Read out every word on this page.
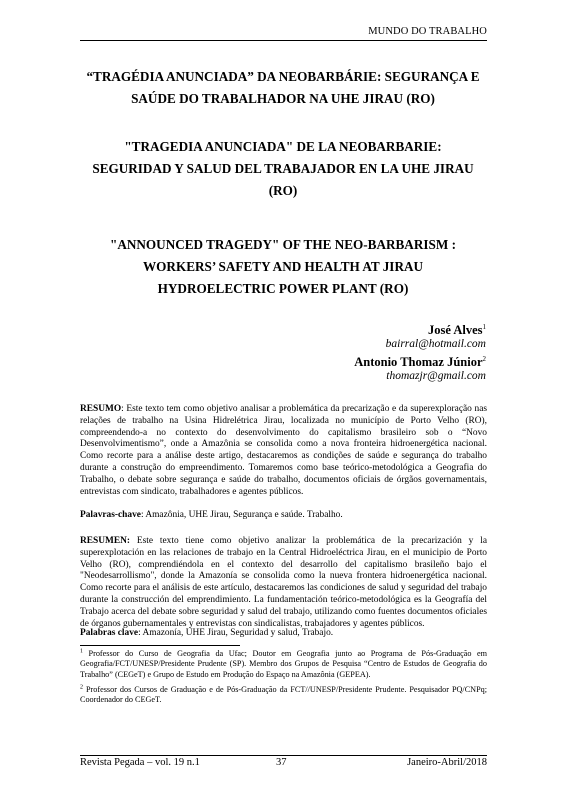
MUNDO DO TRABALHO
“TRAGÉDIA ANUNCIADA” DA NEOBARBÁRIE: SEGURANÇA E
SAÚDE DO TRABALHADOR NA UHE JIRAU (RO)
"TRAGEDIA ANUNCIADA" DE LA NEOBARBARIE:
SEGURIDAD Y SALUD DEL TRABAJADOR EN LA UHE JIRAU
(RO)
"ANNOUNCED TRAGEDY" OF THE NEO-BARBARISM :
WORKERS’ SAFETY AND HEALTH AT JIRAU
HYDROELECTRIC POWER PLANT (RO)
José Alves$^1$
bairral@hotmail.com
Antonio Thomaz Júnior$^2$
thomazjr@gmail.com
RESUMO: Este texto tem como objetivo analisar a problemática da precarização e da superexploração nas relações de trabalho na Usina Hidrelétrica Jirau, localizada no município de Porto Velho (RO), compreendendo-a no contexto do desenvolvimento do capitalismo brasileiro sob o “Novo Desenvolvimentismo”, onde a Amazônia se consolida como a nova fronteira hidroenergética nacional. Como recorte para a análise deste artigo, destacaremos as condições de saúde e segurança do trabalho durante a construção do empreendimento. Tomaremos como base teórico-metodológica a Geografia do Trabalho, o debate sobre segurança e saúde do trabalho, documentos oficiais de órgãos governamentais, entrevistas com sindicato, trabalhadores e agentes públicos.
Palavras-chave: Amazônia, UHE Jirau, Segurança e saúde. Trabalho.
RESUMEN: Este texto tiene como objetivo analizar la problemática de la precarización y la superexplotación en las relaciones de trabajo en la Central Hidroeléctrica Jirau, en el municipio de Porto Velho (RO), comprendiéndola en el contexto del desarrollo del capitalismo brasileño bajo el "Neodesarrollismo", donde la Amazonía se consolida como la nueva frontera hidroenergética nacional. Como recorte para el análisis de este artículo, destacaremos las condiciones de salud y seguridad del trabajo durante la construcción del emprendimiento. La fundamentación teórico-metodológica es la Geografía del Trabajo acerca del debate sobre seguridad y salud del trabajo, utilizando como fuentes documentos oficiales de órganos gubernamentales y entrevistas con sindicalistas, trabajadores y agentes públicos.
Palabras clave: Amazonía, UHE Jirau, Seguridad y salud, Trabajo.
$^1$ Professor do Curso de Geografia da Ufac; Doutor em Geografia junto ao Programa de Pós-Graduação em Geografia/FCT/UNESP/Presidente Prudente (SP). Membro dos Grupos de Pesquisa “Centro de Estudos de Geografia do Trabalho” (CEGeT) e Grupo de Estudo em Produção do Espaço na Amazônia (GEPEA).
$^2$ Professor dos Cursos de Graduação e de Pós-Graduação da FCT//UNESP/Presidente Prudente. Pesquisador PQ/CNPq; Coordenador do CEGeT.
Revista Pegada – vol. 19 n.1	37	Janeiro-Abril/2018
